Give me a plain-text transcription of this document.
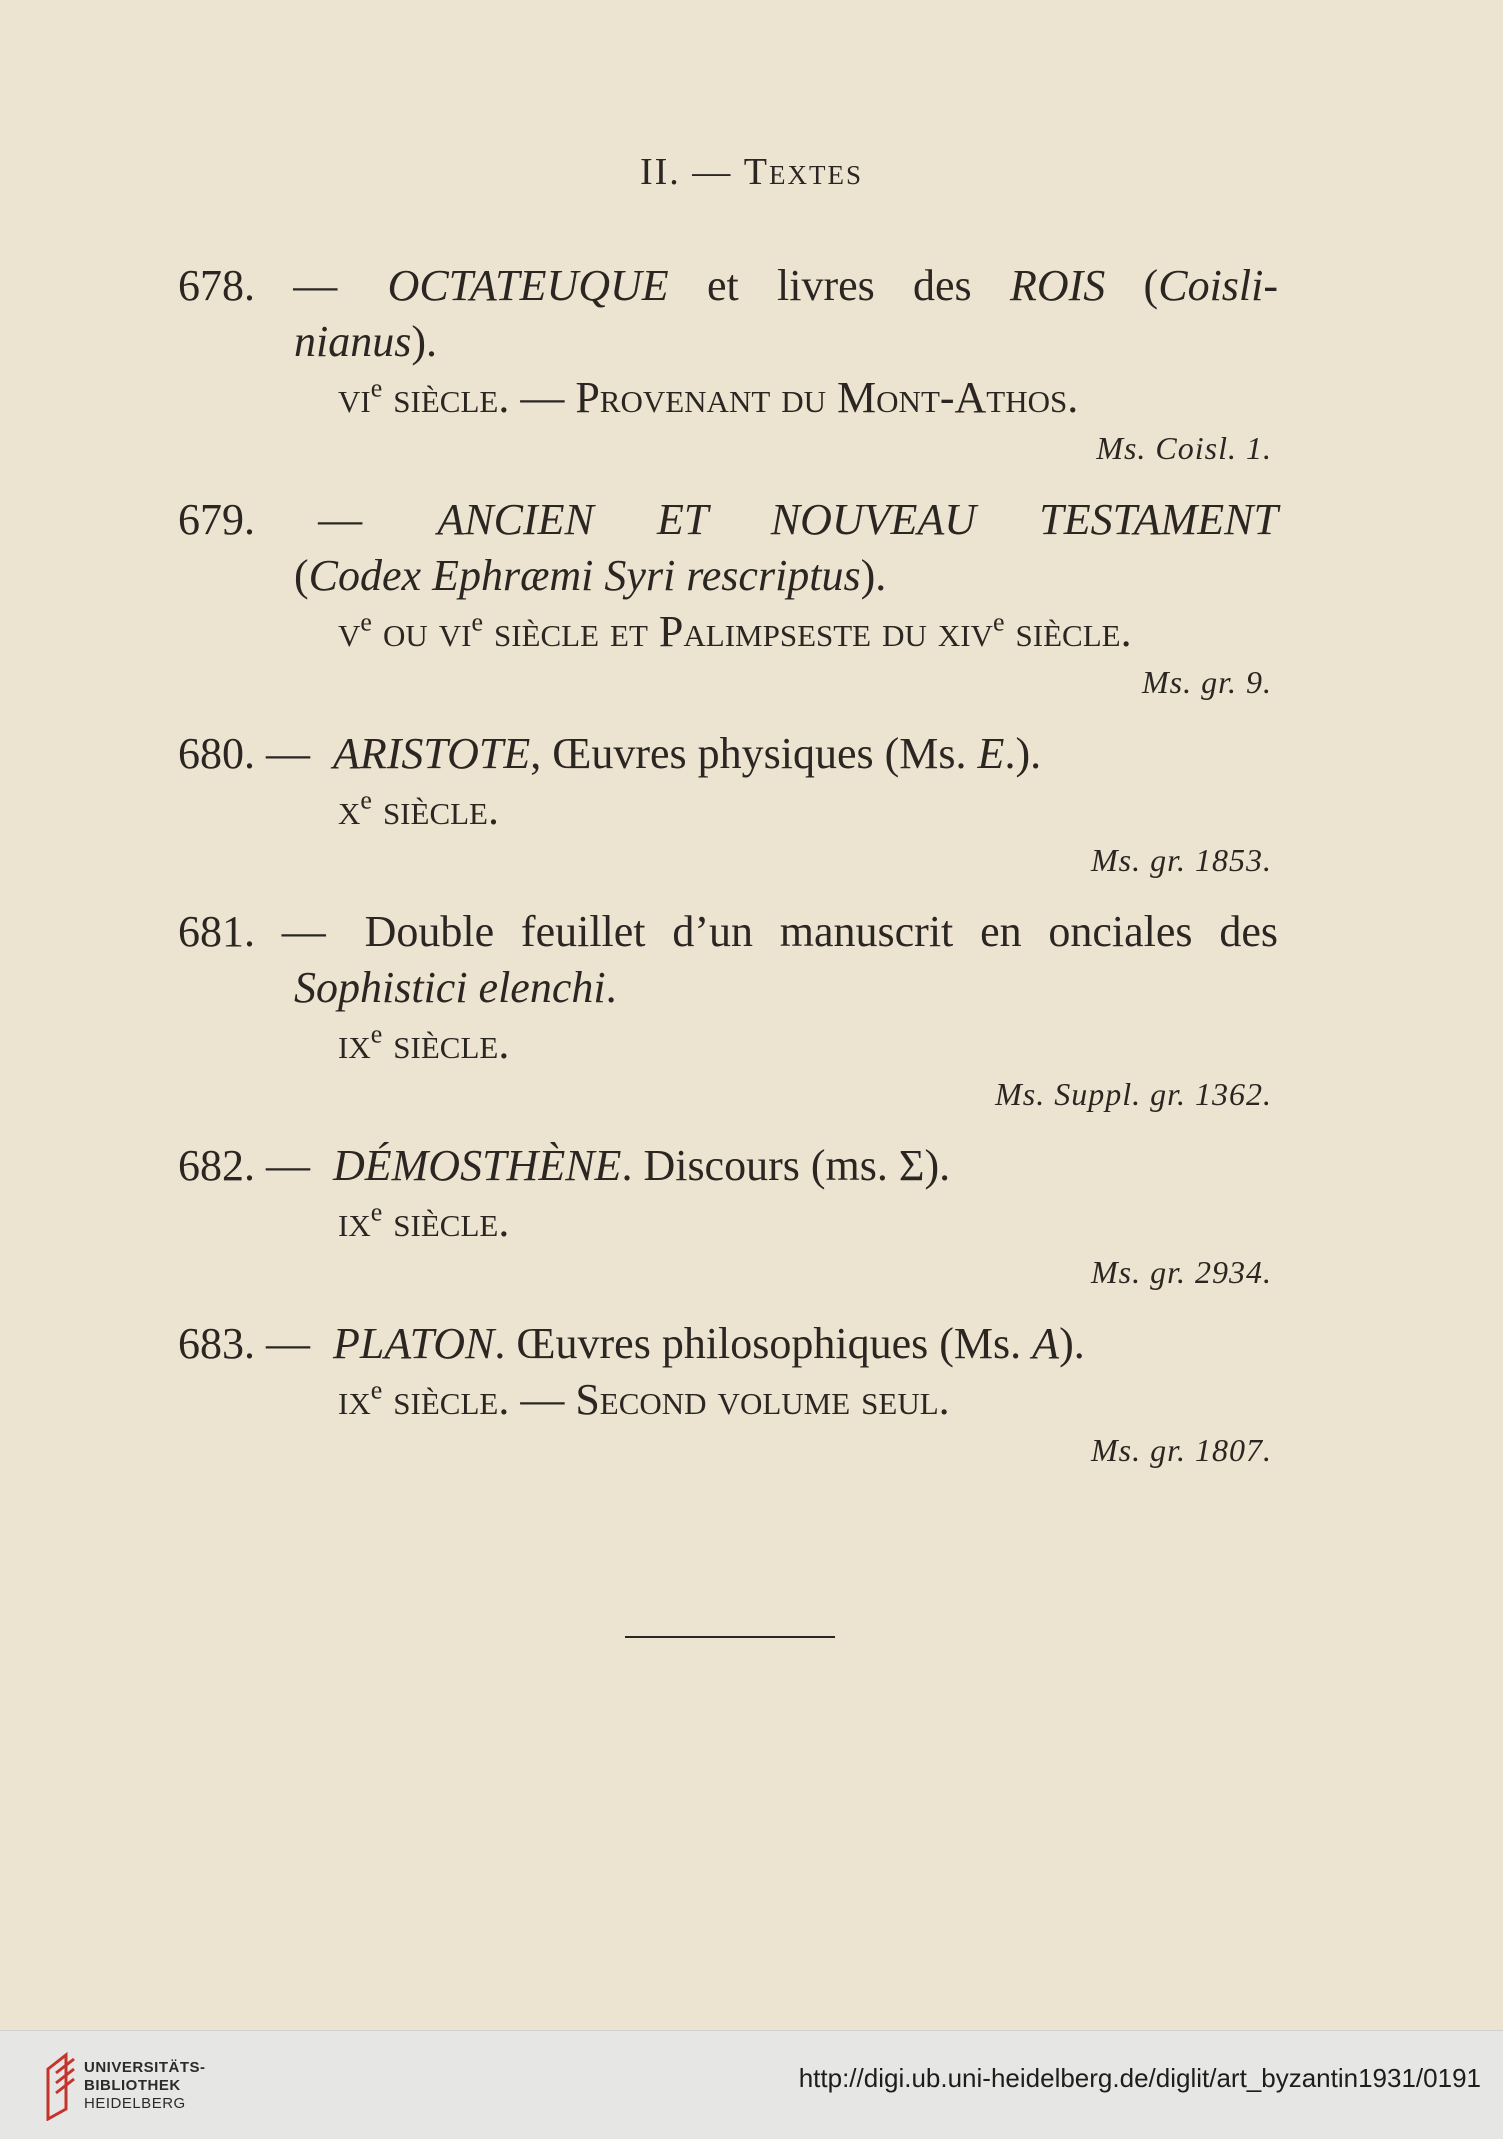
II. — Textes
678. — OCTATEUQUE et livres des ROIS (Coisli-
nianus).
$vi^e$ siècle. — Provenant du Mont-Athos.
Ms. Coisl. 1.
679. — ANCIEN ET NOUVEAU TESTAMENT
(Codex Ephræmi Syri rescriptus).
$v^e$ ou $vi^e$ siècle et Palimpseste du xiv$^e$ siècle.
Ms. gr. 9.
680. — ARISTOTE, Œuvres physiques (Ms. E.).
$x^e$ siècle.
Ms. gr. 1853.
681. — Double feuillet d’un manuscrit en onciales des
Sophistici elenchi.
$ix^e$ siècle.
Ms. Suppl. gr. 1362.
682. — DÉMOSTHÈNE. Discours (ms. Σ).
$ix^e$ siècle.
Ms. gr. 2934.
683. — PLATON. Œuvres philosophiques (Ms. A).
$ix^e$ siècle. — Second volume seul.
Ms. gr. 1807.
UNIVERSITÄTS-
BIBLIOTHEK
HEIDELBERG
http://digi.ub.uni-heidelberg.de/diglit/art_byzantin1931/0191
